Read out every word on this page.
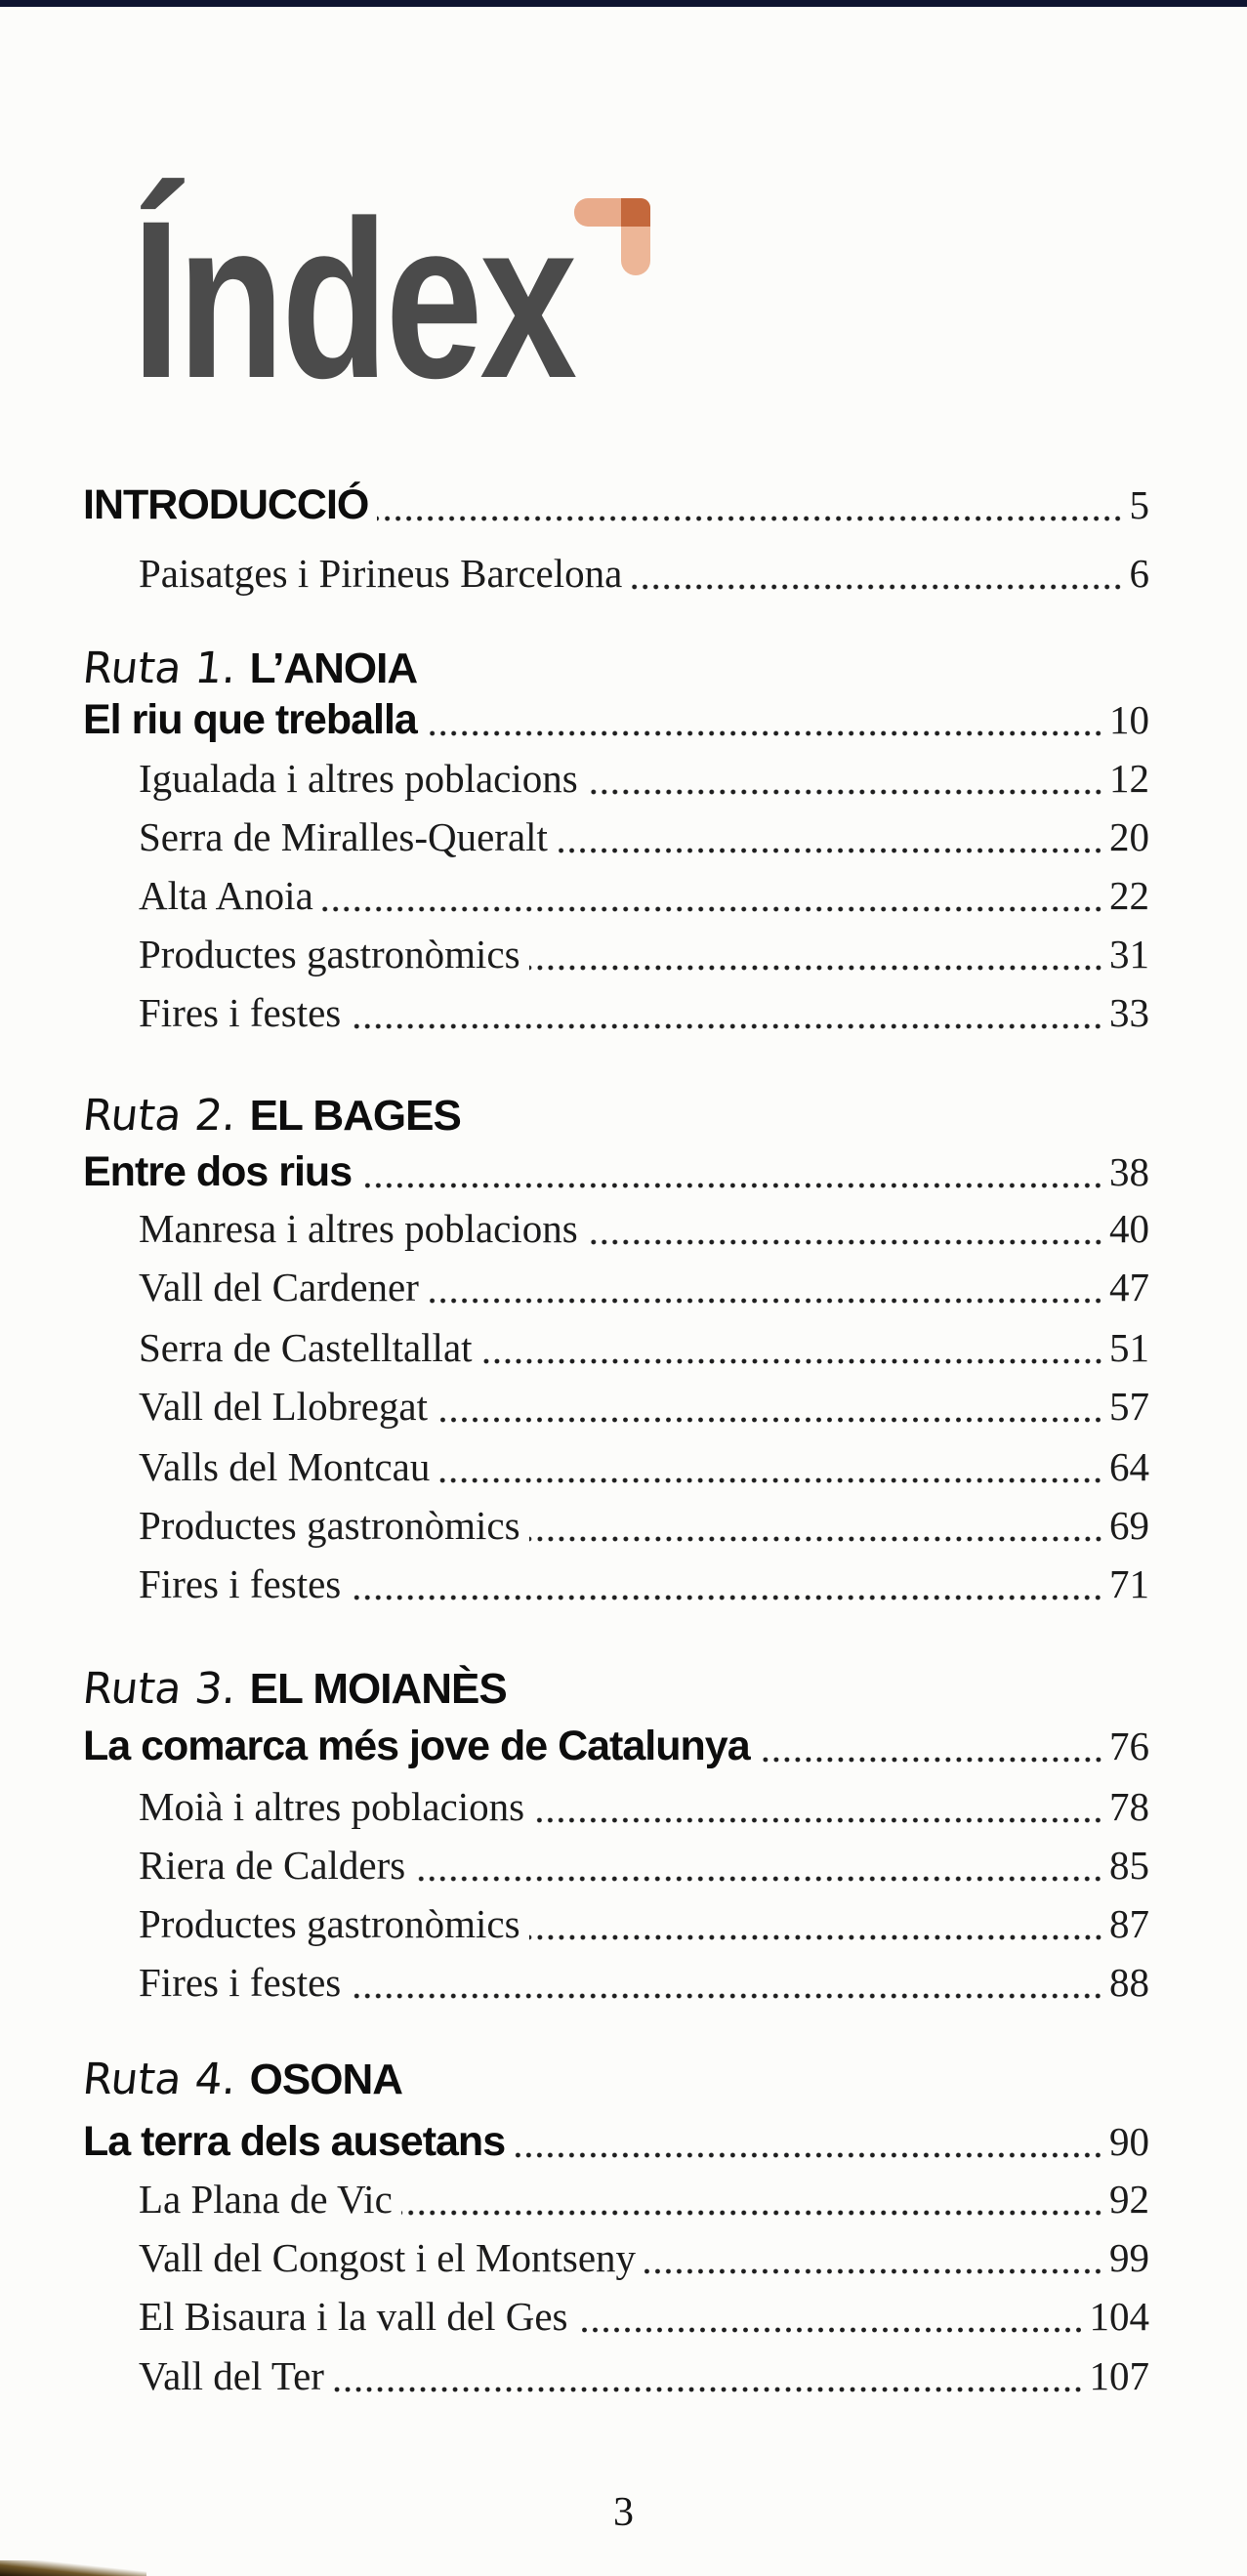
Índex
INTRODUCCIÓ	5
Paisatges i Pirineus Barcelona	6
Ruta 1. L’ANOIA
El riu que treballa	10
Igualada i altres poblacions	12
Serra de Miralles-Queralt	20
Alta Anoia	22
Productes gastronòmics	31
Fires i festes	33
Ruta 2. EL BAGES
Entre dos rius	38
Manresa i altres poblacions	40
Vall del Cardener	47
Serra de Castelltallat	51
Vall del Llobregat	57
Valls del Montcau	64
Productes gastronòmics	69
Fires i festes	71
Ruta 3. EL MOIANÈS
La comarca més jove de Catalunya	76
Moià i altres poblacions	78
Riera de Calders	85
Productes gastronòmics	87
Fires i festes	88
Ruta 4. OSONA
La terra dels ausetans	90
La Plana de Vic	92
Vall del Congost i el Montseny	99
El Bisaura i la vall del Ges	104
Vall del Ter	107
3
